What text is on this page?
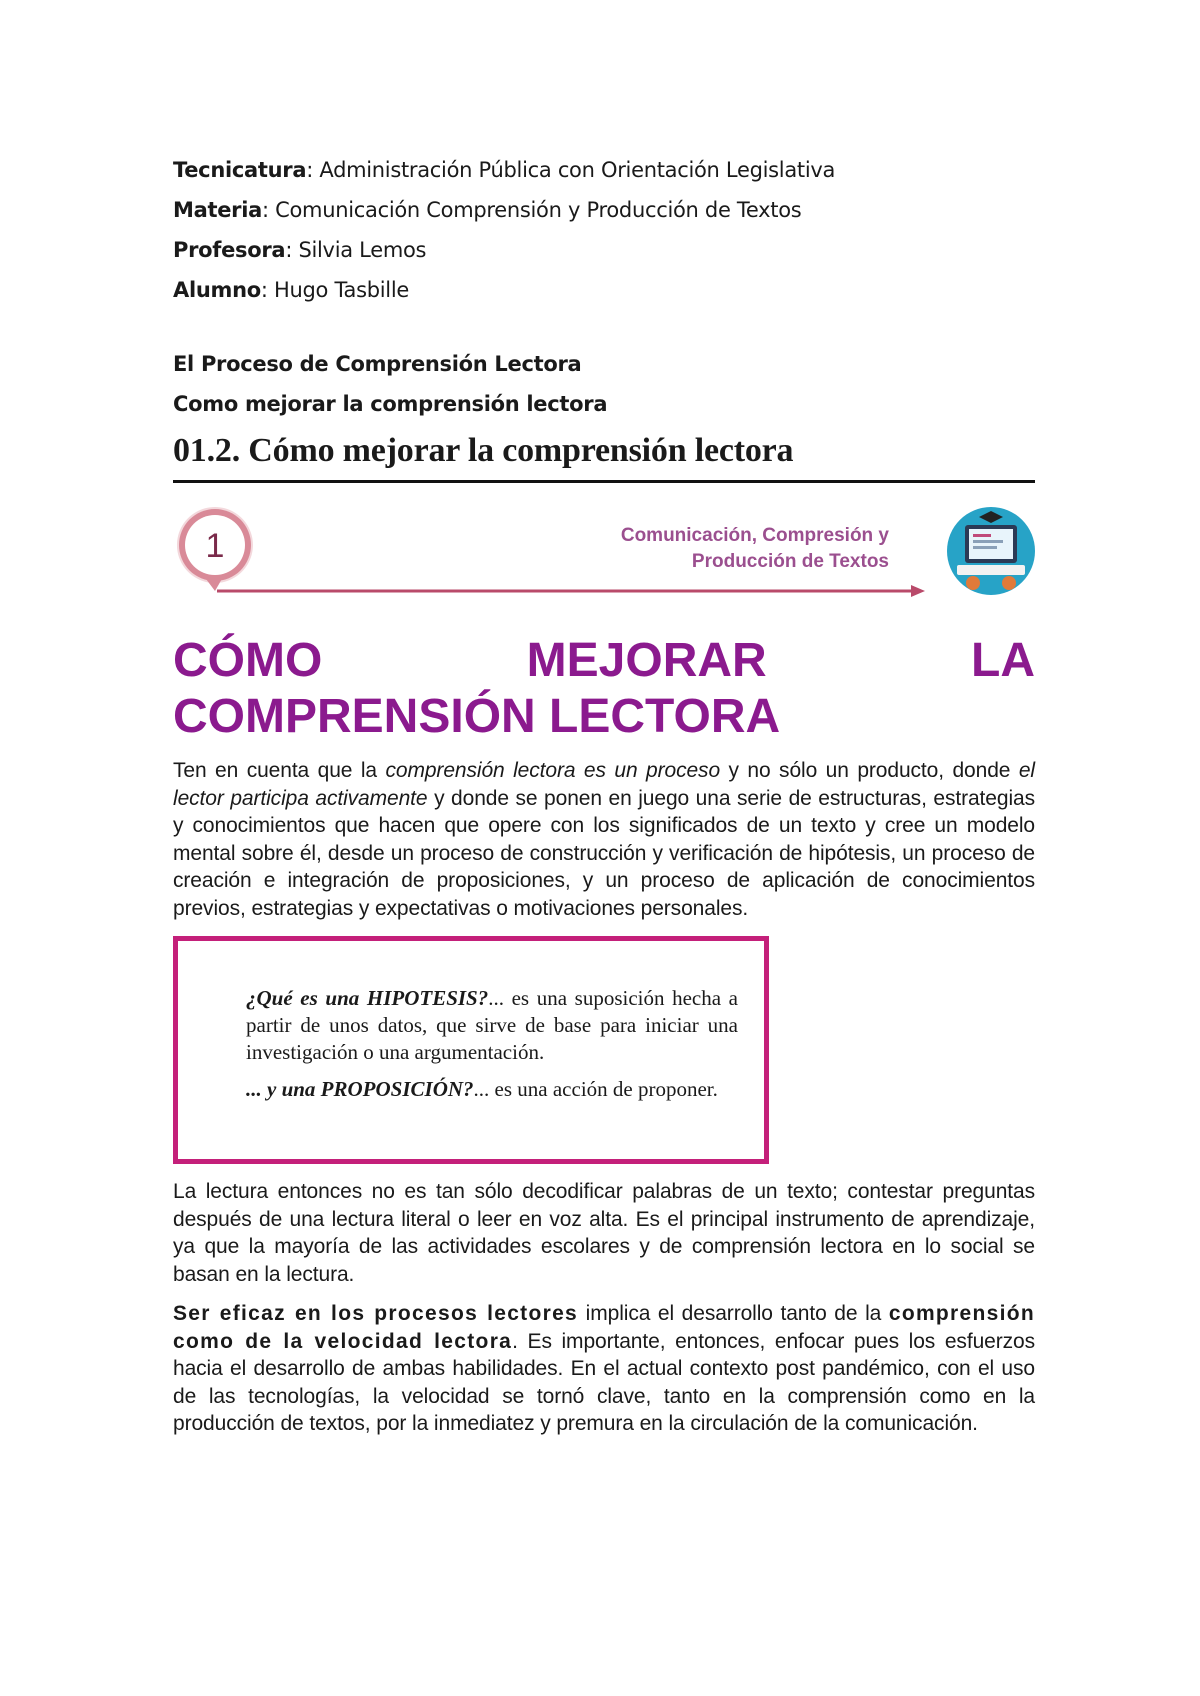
Tecnicatura: Administración Pública con Orientación Legislativa
Materia: Comunicación Comprensión y Producción de Textos
Profesora: Silvia Lemos
Alumno: Hugo Tasbille
El Proceso de Comprensión Lectora
Como mejorar la comprensión lectora
01.2. Cómo mejorar la comprensión lectora
1	Comunicación, Compresión y
Producción de Textos
CÓMO	MEJORAR	LA
COMPRENSIÓN LECTORA

Ten en cuenta que la comprensión lectora es un proceso y no sólo un producto, donde el lector participa activamente y donde se ponen en juego una serie de estructuras, estrategias y conocimientos que hacen que opere con los significados de un texto y cree un modelo mental sobre él, desde un proceso de construcción y verificación de hipótesis, un proceso de creación e integración de proposiciones, y un proceso de aplicación de conocimientos previos, estrategias y expectativas o motivaciones personales.

¿Qué es una HIPOTESIS?... es una suposición hecha a partir de unos datos, que sirve de base para iniciar una investigación o una argumentación.

... y una PROPOSICIÓN?... es una acción de proponer.

La lectura entonces no es tan sólo decodificar palabras de un texto; contestar preguntas después de una lectura literal o leer en voz alta. Es el principal instrumento de aprendizaje, ya que la mayoría de las actividades escolares y de comprensión lectora en lo social se basan en la lectura.

Ser eficaz en los procesos lectores implica el desarrollo tanto de la comprensión como de la velocidad lectora. Es importante, entonces, enfocar pues los esfuerzos hacia el desarrollo de ambas habilidades. En el actual contexto post pandémico, con el uso de las tecnologías, la velocidad se tornó clave, tanto en la comprensión como en la producción de textos, por la inmediatez y premura en la circulación de la comunicación.
